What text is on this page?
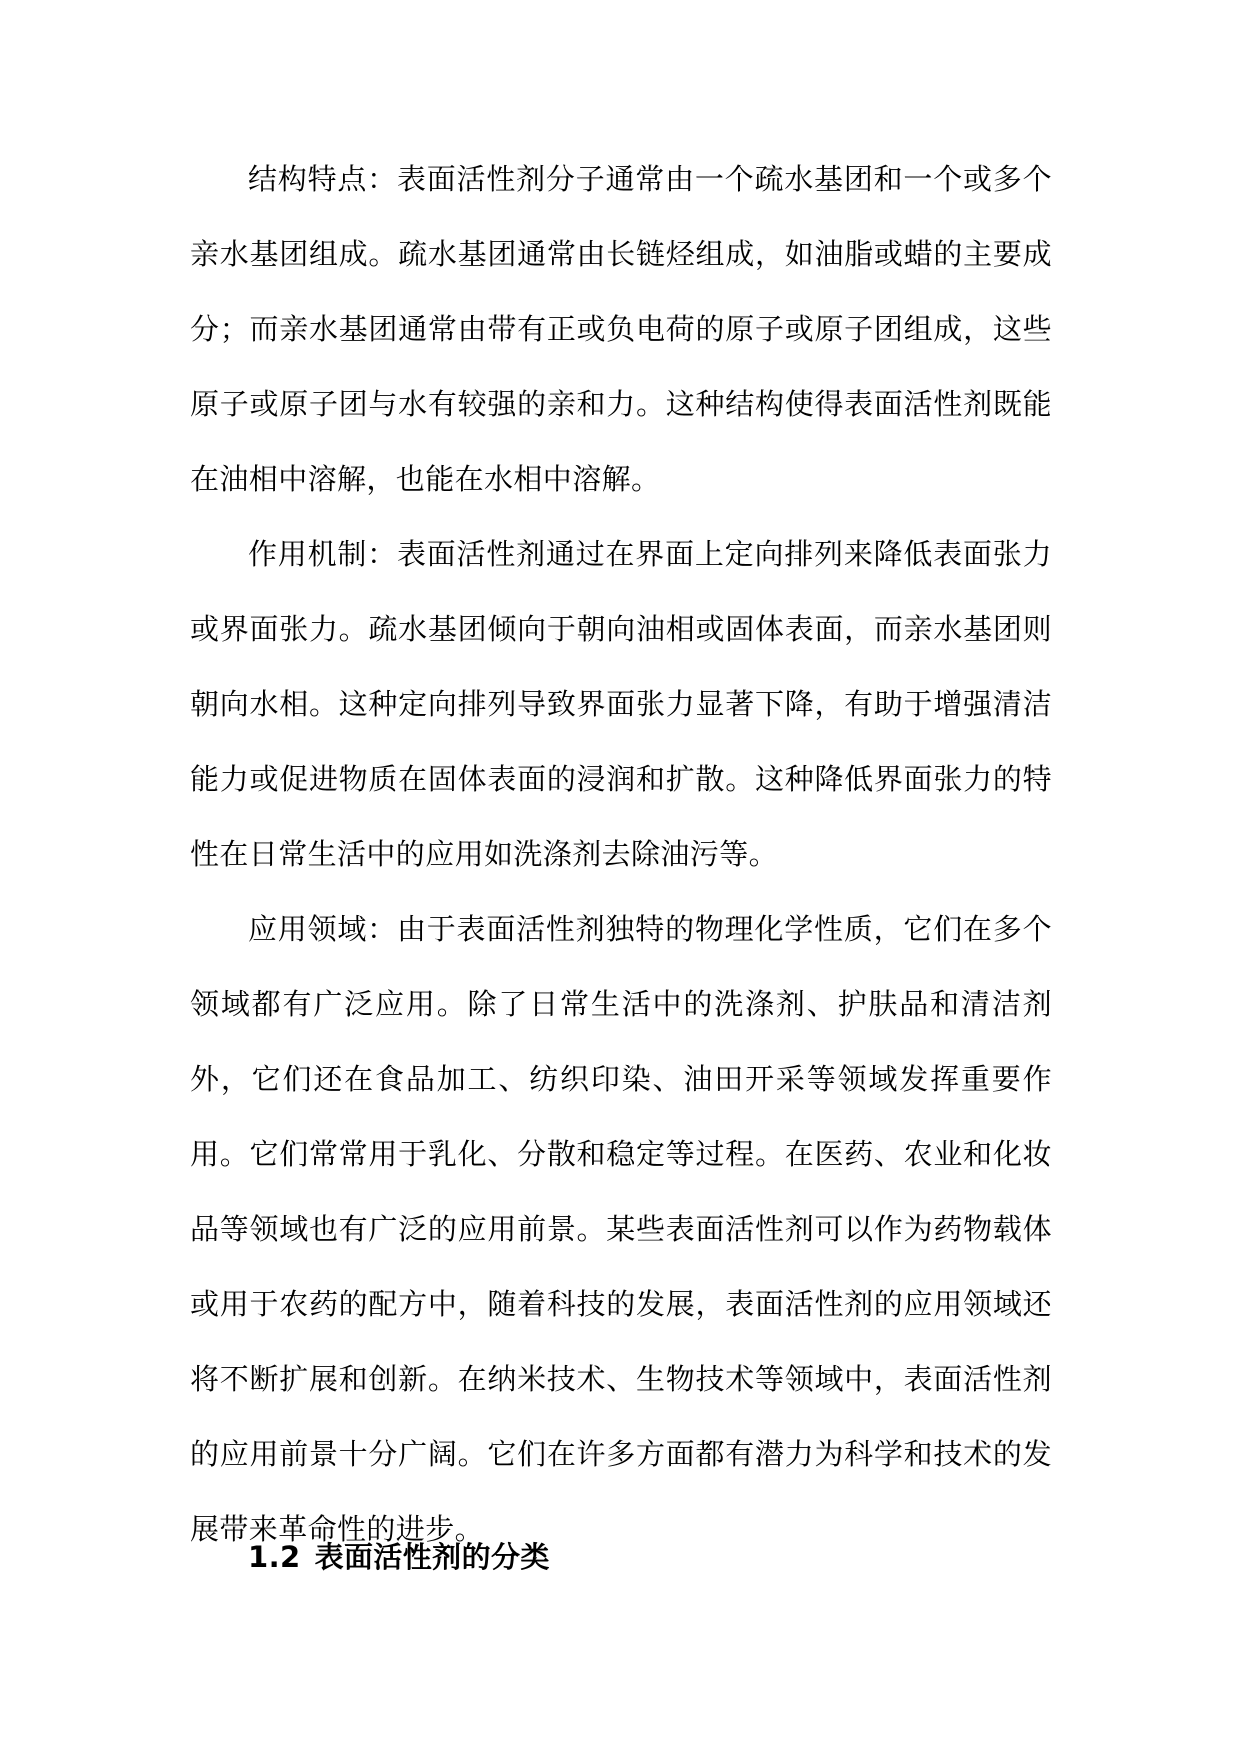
结构特点：表面活性剂分子通常由一个疏水基团和一个或多个亲水基团组成。疏水基团通常由长链烃组成，如油脂或蜡的主要成分；而亲水基团通常由带有正或负电荷的原子或原子团组成，这些原子或原子团与水有较强的亲和力。这种结构使得表面活性剂既能在油相中溶解，也能在水相中溶解。

作用机制：表面活性剂通过在界面上定向排列来降低表面张力或界面张力。疏水基团倾向于朝向油相或固体表面，而亲水基团则朝向水相。这种定向排列导致界面张力显著下降，有助于增强清洁能力或促进物质在固体表面的浸润和扩散。这种降低界面张力的特性在日常生活中的应用如洗涤剂去除油污等。

应用领域：由于表面活性剂独特的物理化学性质，它们在多个领域都有广泛应用。除了日常生活中的洗涤剂、护肤品和清洁剂外，它们还在食品加工、纺织印染、油田开采等领域发挥重要作用。它们常常用于乳化、分散和稳定等过程。在医药、农业和化妆品等领域也有广泛的应用前景。某些表面活性剂可以作为药物载体或用于农药的配方中，随着科技的发展，表面活性剂的应用领域还将不断扩展和创新。在纳米技术、生物技术等领域中，表面活性剂的应用前景十分广阔。它们在许多方面都有潜力为科学和技术的发展带来革命性的进步。

1.2 表面活性剂的分类
